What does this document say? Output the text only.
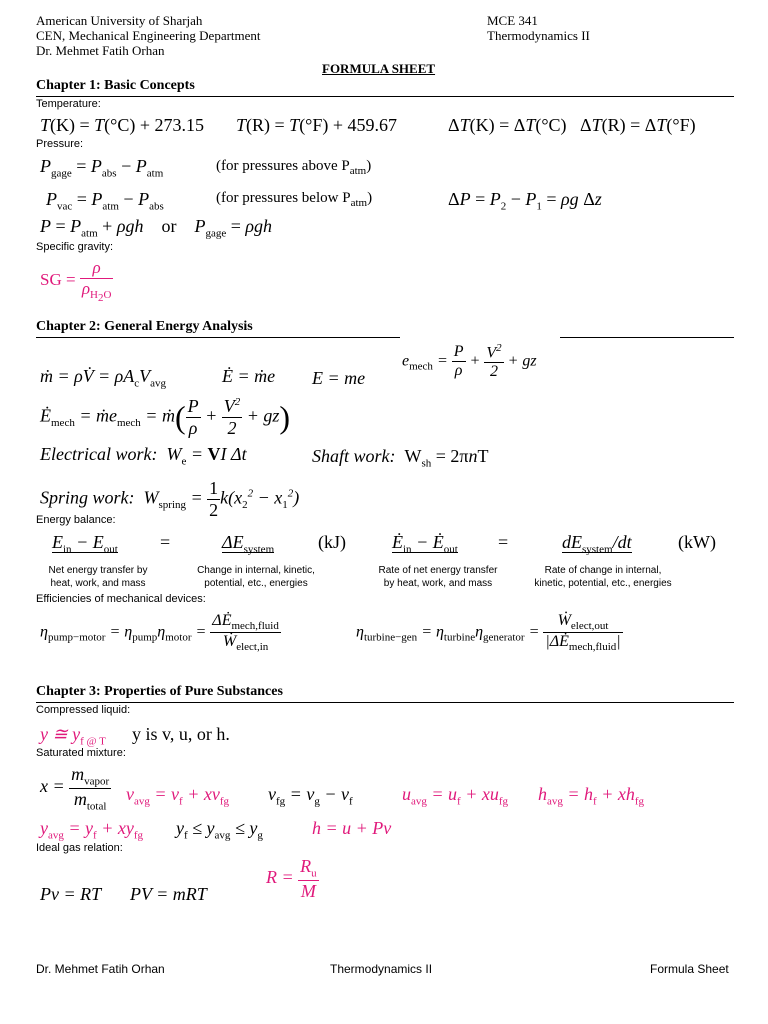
American University of Sharjah
CEN, Mechanical Engineering Department
Dr. Mehmet Fatih Orhan
MCE 341
Thermodynamics II
FORMULA SHEET
Chapter 1: Basic Concepts
Temperature:
T(K) = T(°C) + 273.15 T(R) = T(°F) + 459.67	ΔT(K) = ΔT(°C)   ΔT(R) = ΔT(°F)
Pressure:
$P_{gage} = P_{abs} - P_{atm}$	(for pressures above $P_{atm}$)
$P_{vac} = P_{atm} - P_{abs}$
(for pressures below $P_{atm}$)	$\Delta P = P_2 - P_1 = \rho g$ Δz
$P = P_{atm} + \rho gh$ or $P_{gage} = \rho gh$
Specific gravity:
SG = $\frac{\rho}{\rho_{H_2O}}$
Chapter 2: General Energy Analysis
ṁ = ρV̇ = $\rho A_cV_{avg}$	Ė = ṁe E = me
$e_{mech} = \frac{P}{\rho} + \frac{V^2}{2}$ + gz
$Ė_{mech}$ = ṁe$_{mech}$ = ṁ( $\frac{P}{\rho} + \frac{V^2}{2} + gz$)
Electrical work:  $W_e$ = VI Δt	Shaft work: $W_{sh} = 2\pi nT$
Spring work:  $W_{spring} = \frac{1}{2} k(x_2^2 - x_1^2)$
Energy balance:
$E_{in} - E_{out}$ =	$\Delta E_{system}$ (kJ)	$Ė_{in}$ − $Ė_{out}$ =	$dE_{system}/dt$	(kW)
Net energy transfer by heat, work, and mass
Change in internal, kinetic, potential, etc., energies
Rate of net energy transfer by heat, work, and mass
Rate of change in internal, kinetic, potential, etc., energies
Efficiencies of mechanical devices:
$\eta_{pump-motor} = \eta_{pump}\eta_{motor} = \frac{\Delta Ė_{mech,fluid}}{Ẇ_{elect,in}}$	$\eta_{turbine-gen} = \eta_{turbine}\eta_{generator} = \frac{Ẇ_{elect,out}}{|\Delta Ė_{mech,fluid}|}$
Chapter 3: Properties of Pure Substances
Compressed liquid:
y ≅ $y_{f @ T}$ y is v, u, or h.
Saturated mixture:
$x = \frac{m_{vapor}}{m_{total}} v_{avg} = v_f + xv_{fg}$ $v_{fg} = v_g - v_f$	$u_{avg} = u_f + xu_{fg}$ $h_{avg} = h_f + xh_{fg}$
$y_{avg} = y_f + xy_{fg}$ $y_f \le y_{avg} \le y_g$	h = u + Pv
Ideal gas relation:
Pv = RT PV = mRT
$R = \frac{R_u}{M}$
Dr. Mehmet Fatih Orhan	Thermodynamics II	Formula Sheet
